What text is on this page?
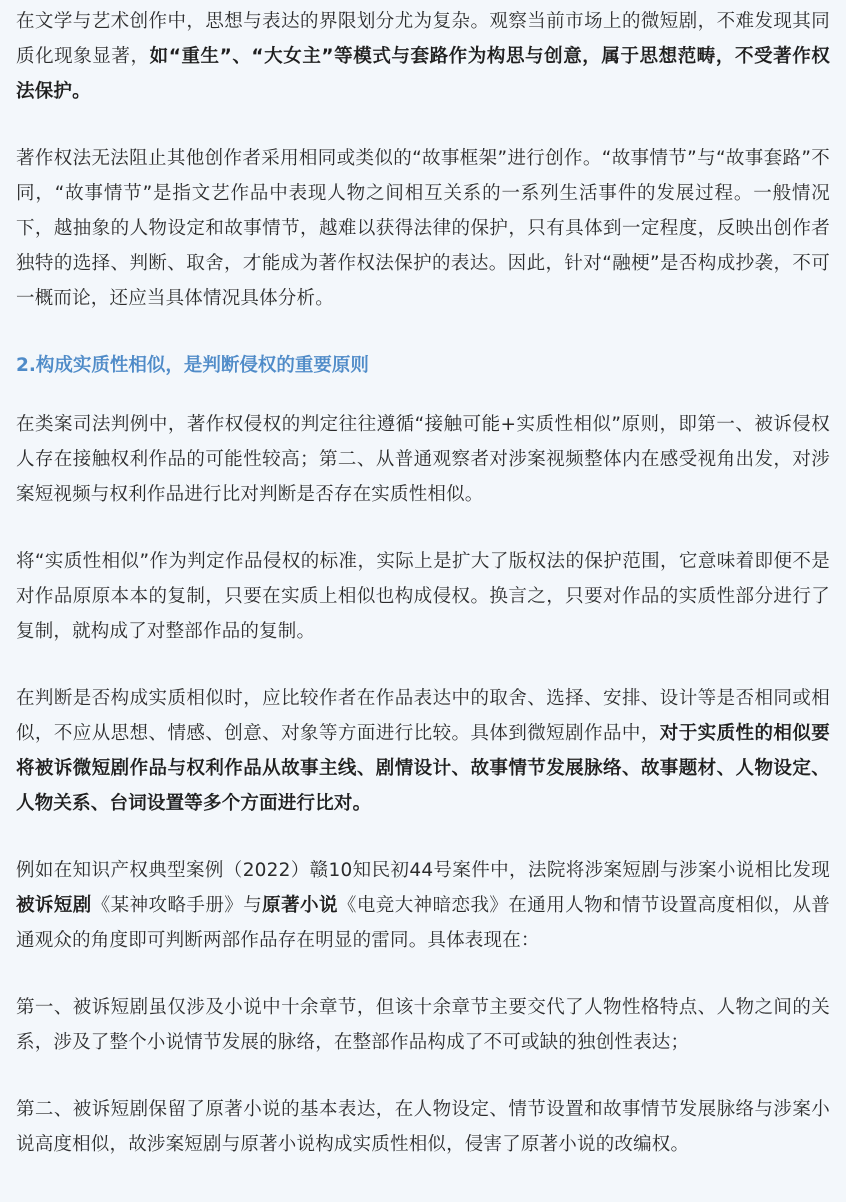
在文学与艺术创作中，思想与表达的界限划分尤为复杂。观察当前市场上的微短剧，不难发现其同质化现象显著，如“重生”、“大女主”等模式与套路作为构思与创意，属于思想范畴，不受著作权法保护。

著作权法无法阻止其他创作者采用相同或类似的“故事框架”进行创作。“故事情节”与“故事套路”不同，“故事情节”是指文艺作品中表现人物之间相互关系的一系列生活事件的发展过程。一般情况下，越抽象的人物设定和故事情节，越难以获得法律的保护，只有具体到一定程度，反映出创作者独特的选择、判断、取舍，才能成为著作权法保护的表达。因此，针对“融梗”是否构成抄袭，不可一概而论，还应当具体情况具体分析。

2.构成实质性相似，是判断侵权的重要原则

在类案司法判例中，著作权侵权的判定往往遵循“接触可能+实质性相似”原则，即第一、被诉侵权人存在接触权利作品的可能性较高；第二、从普通观察者对涉案视频整体内在感受视角出发，对涉案短视频与权利作品进行比对判断是否存在实质性相似。

将“实质性相似”作为判定作品侵权的标准，实际上是扩大了版权法的保护范围，它意味着即便不是对作品原原本本的复制，只要在实质上相似也构成侵权。换言之，只要对作品的实质性部分进行了复制，就构成了对整部作品的复制。

在判断是否构成实质相似时，应比较作者在作品表达中的取舍、选择、安排、设计等是否相同或相似，不应从思想、情感、创意、对象等方面进行比较。具体到微短剧作品中，对于实质性的相似要将被诉微短剧作品与权利作品从故事主线、剧情设计、故事情节发展脉络、故事题材、人物设定、人物关系、台词设置等多个方面进行比对。

例如在知识产权典型案例（2022）赣10知民初44号案件中，法院将涉案短剧与涉案小说相比发现被诉短剧《某神攻略手册》与原著小说《电竞大神暗恋我》在通用人物和情节设置高度相似，从普通观众的角度即可判断两部作品存在明显的雷同。具体表现在：

第一、被诉短剧虽仅涉及小说中十余章节，但该十余章节主要交代了人物性格特点、人物之间的关系，涉及了整个小说情节发展的脉络，在整部作品构成了不可或缺的独创性表达；

第二、被诉短剧保留了原著小说的基本表达，在人物设定、情节设置和故事情节发展脉络与涉案小说高度相似，故涉案短剧与原著小说构成实质性相似，侵害了原著小说的改编权。
